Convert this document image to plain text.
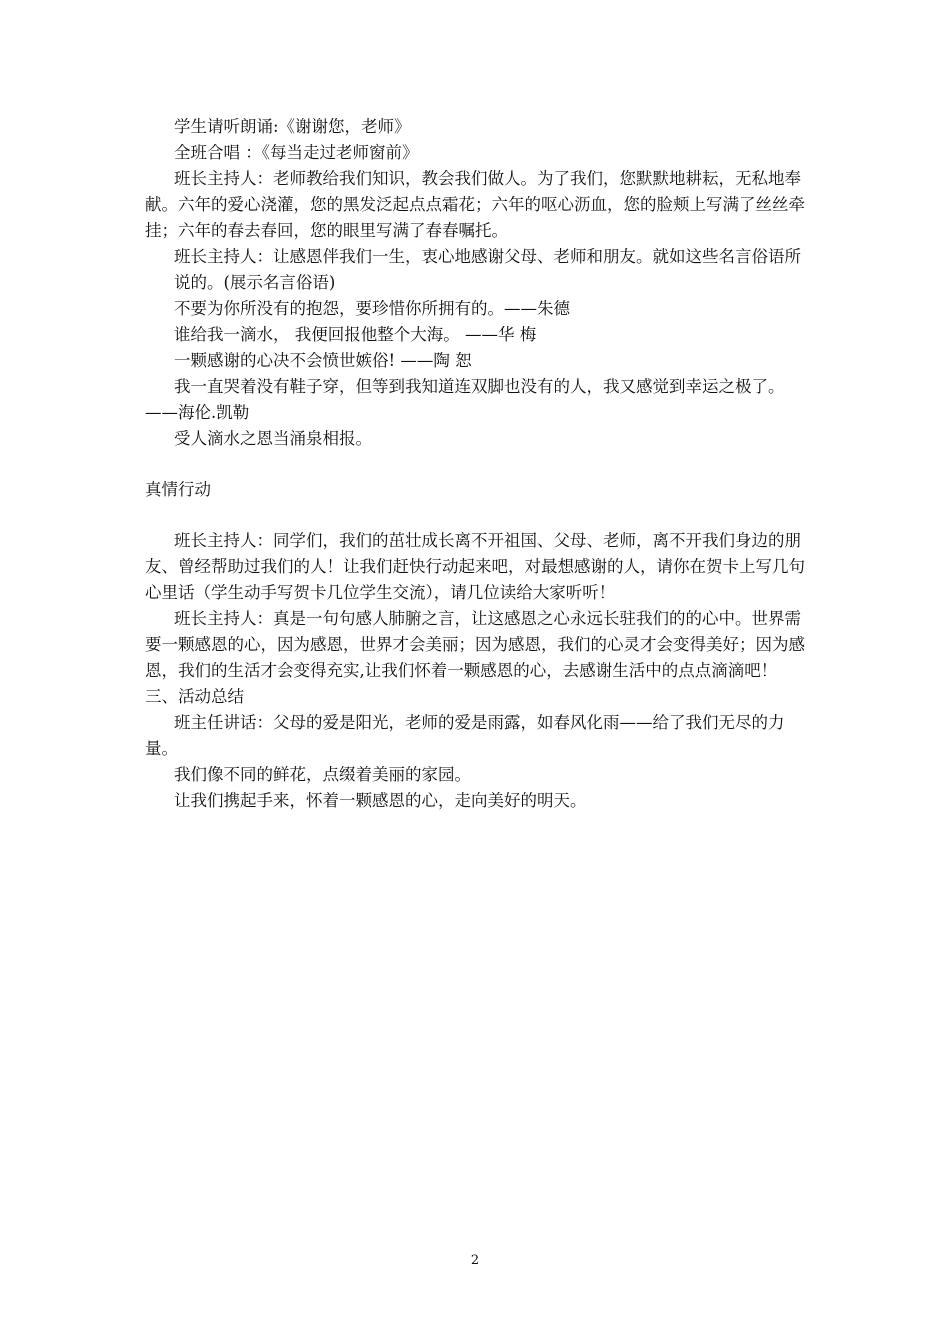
学生请听朗诵:《谢谢您，老师》

全班合唱 ：《每当走过老师窗前》

班长主持人：老师教给我们知识，教会我们做人。为了我们，您默默地耕耘，无私地奉献。六年的爱心浇灌，您的黑发泛起点点霜花；六年的呕心沥血，您的脸颊上写满了丝丝牵挂；六年的春去春回，您的眼里写满了春春嘱托。

班长主持人：让感恩伴我们一生，衷心地感谢父母、老师和朋友。就如这些名言俗语所说的。(展示名言俗语)

不要为你所没有的抱怨，要珍惜你所拥有的。——朱德

谁给我一滴水， 我便回报他整个大海。 ——华 梅

一颗感谢的心决不会愤世嫉俗! ——陶 恕

我一直哭着没有鞋子穿，但等到我知道连双脚也没有的人，我又感觉到幸运之极了。——海伦.凯勒

受人滴水之恩当涌泉相报。

真情行动

班长主持人：同学们，我们的茁壮成长离不开祖国、父母、老师，离不开我们身边的朋友、曾经帮助过我们的人！让我们赶快行动起来吧，对最想感谢的人，请你在贺卡上写几句心里话（学生动手写贺卡几位学生交流），请几位读给大家听听！

班长主持人：真是一句句感人肺腑之言，让这感恩之心永远长驻我们的的心中。世界需要一颗感恩的心，因为感恩，世界才会美丽；因为感恩，我们的心灵才会变得美好；因为感恩，我们的生活才会变得充实,让我们怀着一颗感恩的心，去感谢生活中的点点滴滴吧！

三、活动总结

班主任讲话：父母的爱是阳光，老师的爱是雨露，如春风化雨——给了我们无尽的力量。

我们像不同的鲜花，点缀着美丽的家园。

让我们携起手来，怀着一颗感恩的心，走向美好的明天。

2
